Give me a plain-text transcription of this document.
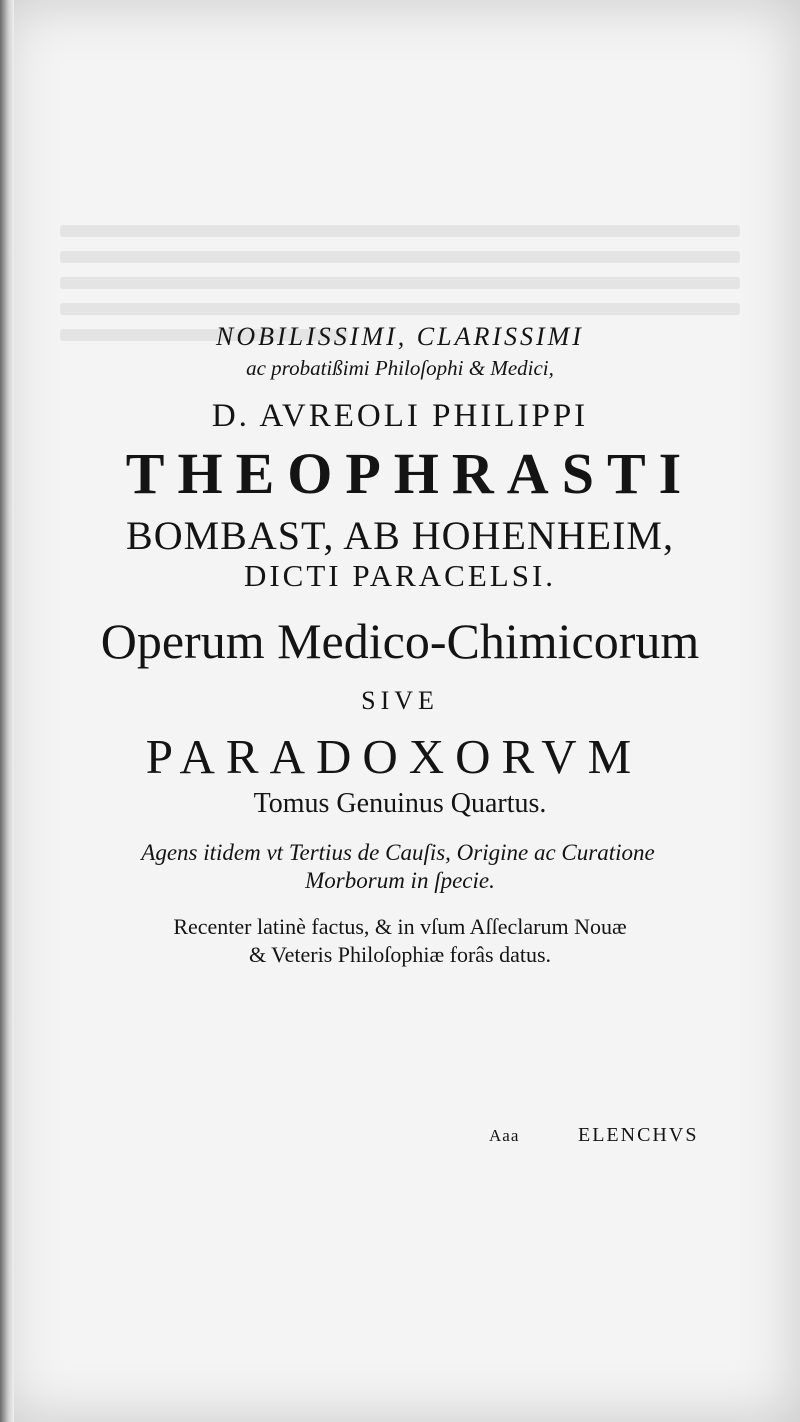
NOBILISSIMI, CLARISSIMI
ac probatißimi Philoſophi & Medici,
D. AVREOLI PHILIPPI
THEOPHRASTI
BOMBAST, AB HOHENHEIM,
DICTI PARACELSI.
Operum Medico-Chimicorum
SIVE
PARADOXORVM
Tomus Genuinus Quartus.
Agens itidem vt Tertius de Cauſis, Origine ac Curatione
Morborum in ſpecie.
Recenter latinè factus, & in vſum Aſſeclarum Nouæ
& Veteris Philoſophiæ forâs datus.
Aaa	ELENCHVS
